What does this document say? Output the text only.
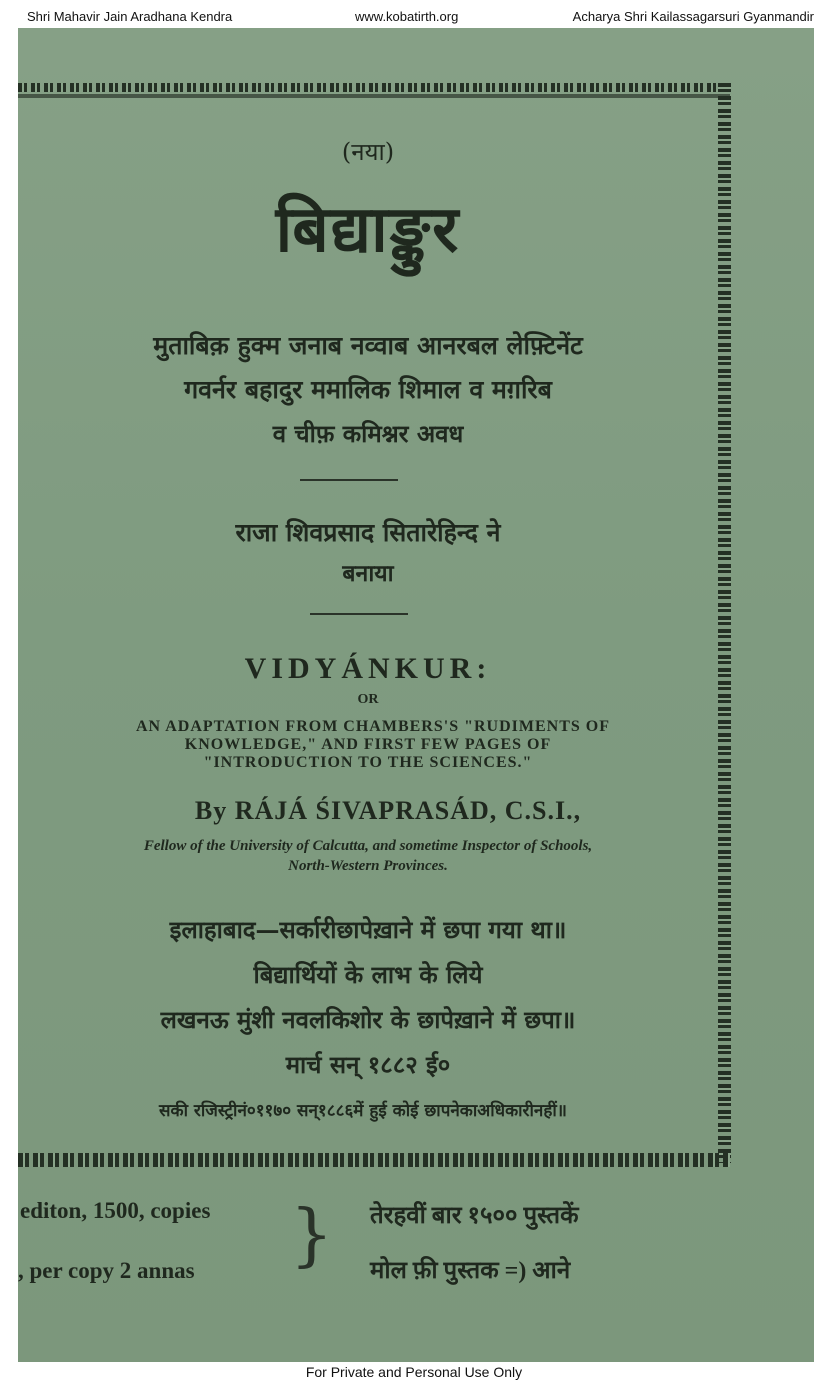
Shri Mahavir Jain Aradhana Kendra	www.kobatirth.org	Acharya Shri Kailassagarsuri Gyanmandir
(नया)
बिद्याङ्कुर
मुताबिक़ हुक्म जनाब नव्वाब आनरबल लेफ़्टिनेंट
गवर्नर बहादुर ममालिक शिमाल व मग़रिब
व चीफ़ कमिश्नर अवध
राजा शिवप्रसाद सितारेहिन्द ने
बनाया
VIDYÁNKUR:
OR
AN ADAPTATION FROM CHAMBERS'S "RUDIMENTS OF
KNOWLEDGE," AND FIRST FEW PAGES OF
"INTRODUCTION TO THE SCIENCES."
By RÁJÁ ŚIVAPRASÁD, C.S.I.,
Fellow of the University of Calcutta, and sometime Inspector of Schools,
North-Western Provinces.
इलाहाबाद—सर्कारीछापेख़ाने में छपा गया था॥
बिद्यार्थियों के लाभ के लिये
लखनऊ मुंशी नवलकिशोर के छापेख़ाने में छपा॥
मार्च सन् १८८२ ई०
सकी रजिस्ट्रीनं०११७० सन्१८८६में हुई कोई छापनेकाअधिकारीनहीं॥
editon, 1500, copies
, per copy 2 annas } तेरहवीं बार १५०० पुस्तकें
मोल फ़ी पुस्तक =) आने
For Private and Personal Use Only
